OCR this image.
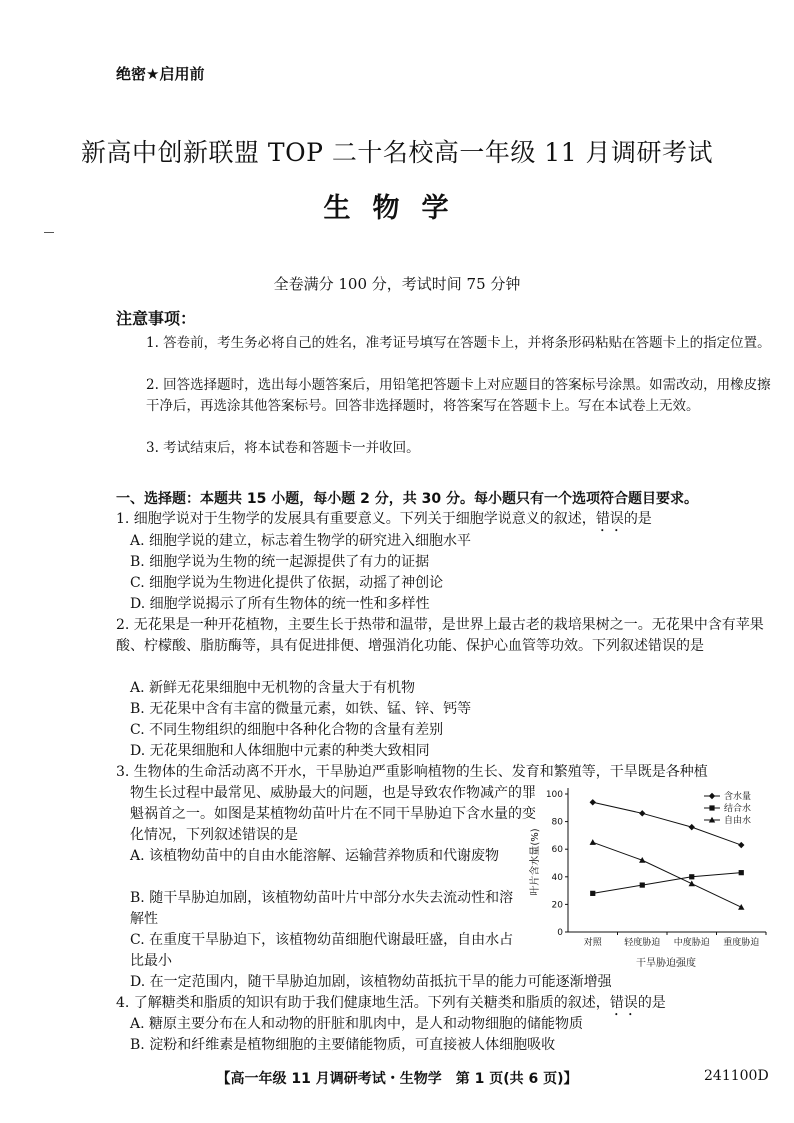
绝密★启用前
新高中创新联盟 TOP 二十名校高一年级 11 月调研考试
生物学
全卷满分 100 分，考试时间 75 分钟
注意事项：
1. 答卷前，考生务必将自己的姓名，准考证号填写在答题卡上，并将条形码粘贴在答题卡上的指定位置。
2. 回答选择题时，选出每小题答案后，用铅笔把答题卡上对应题目的答案标号涂黑。如需改动，用橡皮擦干净后，再选涂其他答案标号。回答非选择题时，将答案写在答题卡上。写在本试卷上无效。
3. 考试结束后，将本试卷和答题卡一并收回。
一、选择题：本题共 15 小题，每小题 2 分，共 30 分。每小题只有一个选项符合题目要求。
1. 细胞学说对于生物学的发展具有重要意义。下列关于细胞学说意义的叙述，错误的是
A. 细胞学说的建立，标志着生物学的研究进入细胞水平
B. 细胞学说为生物的统一起源提供了有力的证据
C. 细胞学说为生物进化提供了依据，动摇了神创论
D. 细胞学说揭示了所有生物体的统一性和多样性
2. 无花果是一种开花植物，主要生长于热带和温带，是世界上最古老的栽培果树之一。无花果中含有苹果酸、柠檬酸、脂肪酶等，具有促进排便、增强消化功能、保护心血管等功效。下列叙述错误的是
A. 新鲜无花果细胞中无机物的含量大于有机物
B. 无花果中含有丰富的微量元素，如铁、锰、锌、钙等
C. 不同生物组织的细胞中各种化合物的含量有差别
D. 无花果细胞和人体细胞中元素的种类大致相同
3. 生物体的生命活动离不开水，干旱胁迫严重影响植物的生长、发育和繁殖等，干旱既是各种植
物生长过程中最常见、威胁最大的问题，也是导致农作物减产的罪魁祸首之一。如图是某植物幼苗叶片在不同干旱胁迫下含水量的变化情况，下列叙述错误的是
A. 该植物幼苗中的自由水能溶解、运输营养物质和代谢废物
B. 随干旱胁迫加剧，该植物幼苗叶片中部分水失去流动性和溶解性
C. 在重度干旱胁迫下，该植物幼苗细胞代谢最旺盛，自由水占比最小
D. 在一定范围内，随干旱胁迫加剧，该植物幼苗抵抗干旱的能力可能逐渐增强
0
20
40
60
80
100
对照 轻度胁迫 中度胁迫 重度胁迫
含水量
结合水
自由水
叶片含水量(%)
干旱胁迫强度
4. 了解糖类和脂质的知识有助于我们健康地生活。下列有关糖类和脂质的叙述，错误的是
A. 糖原主要分布在人和动物的肝脏和肌肉中，是人和动物细胞的储能物质
B. 淀粉和纤维素是植物细胞的主要储能物质，可直接被人体细胞吸收
【高一年级 11 月调研考试・生物学　第 1 页(共 6 页)】	241100D
